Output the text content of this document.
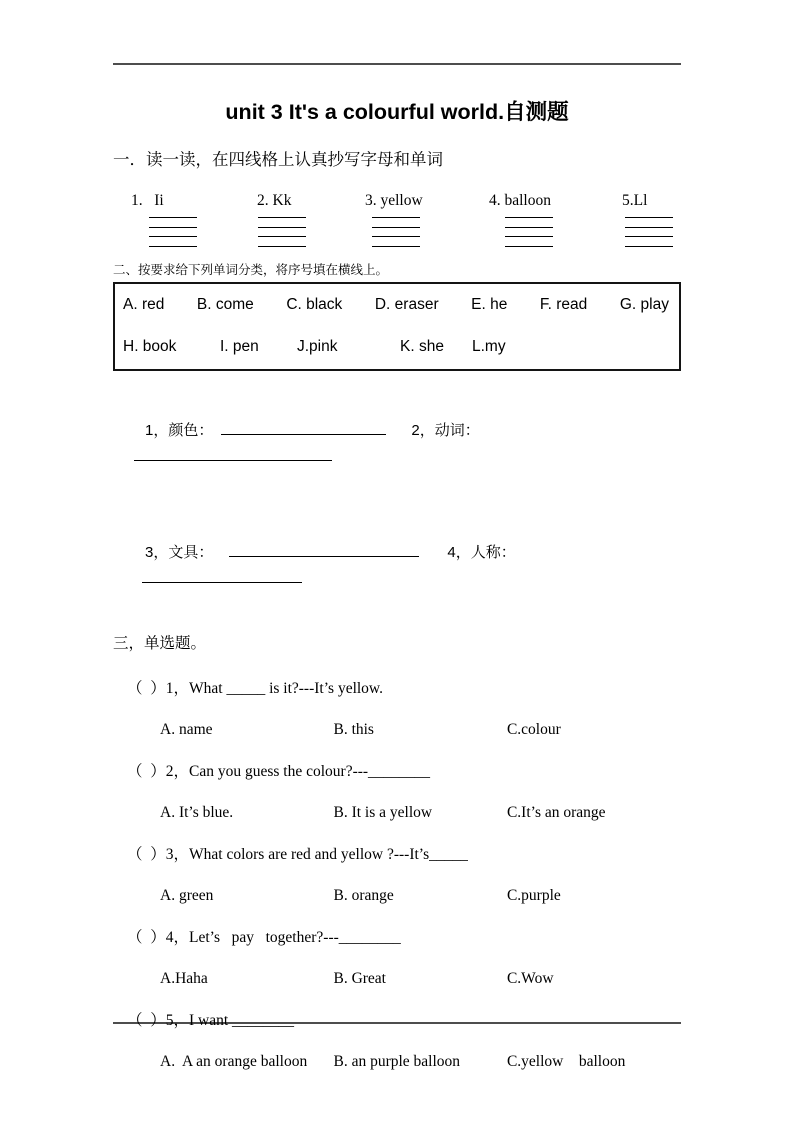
unit 3 It's a colourful world.自测题
一．读一读，在四线格上认真抄写字母和单词
1.   Ii	2. Kk	3. yellow	4. balloon	5.Ll
二、按要求给下列单词分类，将序号填在横线上。
A. red B. come C. black D. eraser E. he F. read G. play
H. book	I. pen	J.pink	K. she	L.my

1，颜色：	2，动词：

3，文具：	4，人称：

三，单选题。
（  ）1，What _____ is it?---It’s yellow.
A. name	B. this	C.colour
（  ）2，Can you guess the colour?---________
A. It’s blue.	B. It is a yellow	C.It’s an orange
（  ）3，What colors are red and yellow ?---It’s_____
A. green	B. orange	C.purple
（  ）4，Let’s   pay   together?---________
A.Haha	B. Great	C.Wow
（  ）5，I want ________
A.  A an orange balloon	B. an purple balloon	C.yellow    balloon
